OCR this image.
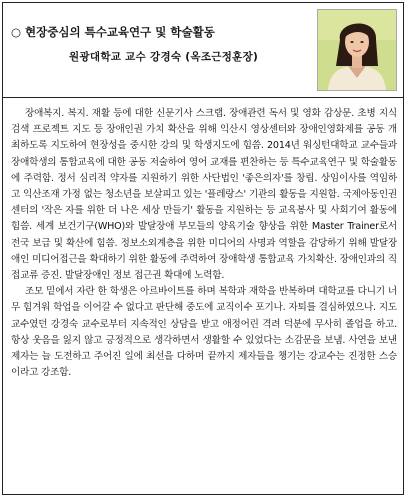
○ 현장중심의 특수교육연구 및 학술활동
원광대학교 교수 강경숙 (옥조근정훈장)

장애복지. 복지. 재활 등에 대한 신문기사 스크랩. 장애관련 독서 및 영화 감상문. 초병 지식검색 프로젝트 지도 등 장애인권 가치 확산을 위해 익산시 영상센터와 장애인영화제를 공동 개최하도록 지도하여 현장성을 중시한 강의 및 학생지도에 힘씀. 2014년 워싱턴대학교 교수들과 장애학생의 통합교육에 대한 공동 저술하여 영어 교재를 편찬하는 등 특수교육연구 및 학술활동에 주력함. 정서 심리적 약자를 지원하기 위한 사단법인 '좋은의자'를 창립. 상임이사를 역임하고 익산조재 가정 없는 청소년을 보살피고 있는 '플레랑스' 기관의 활동을 지원함. 국제아동인권센터의 '작은 자를 위한 더 나은 세상 만들기' 활동을 지원하는 등 교육봉사 및 사회기여 활동에 힘씀. 세계 보건기구(WHO)와 발달장애 부모들의 양육기술 향상을 위한 Master Trainer로서 전국 보급 및 확산에 힘씀. 정보소외계층을 위한 미디어의 사명과 역할을 감당하기 위해 발달장애인 미디어접근을 확대하기 위한 활동에 주력하여 장애학생 통합교육 가치확산. 장애인과의 직접교류 증진. 발달장애인 정보 접근권 확대에 노력함.

조모 밑에서 자란 한 학생은 아르바이트를 하며 복학과 재학을 반복하며 대학교를 다니기 너무 힘겨워 학업을 이어갈 수 없다고 판단해 중도에 교직이수 포기나. 자퇴를 결심하였으나. 지도교수였던 강경숙 교수로부터 지속적인 상담을 받고 애정어린 격려 덕분에 무사히 졸업을 하고. 항상 웃음을 잃지 않고 긍정적으로 생각하면서 생활할 수 있었다는 소감문을 보냄. 사연을 보낸 제자는 늘 도전하고 주어진 일에 최선을 다하며 끝까지 제자들을 챙기는 강교수는 진정한 스승이라고 강조함.
